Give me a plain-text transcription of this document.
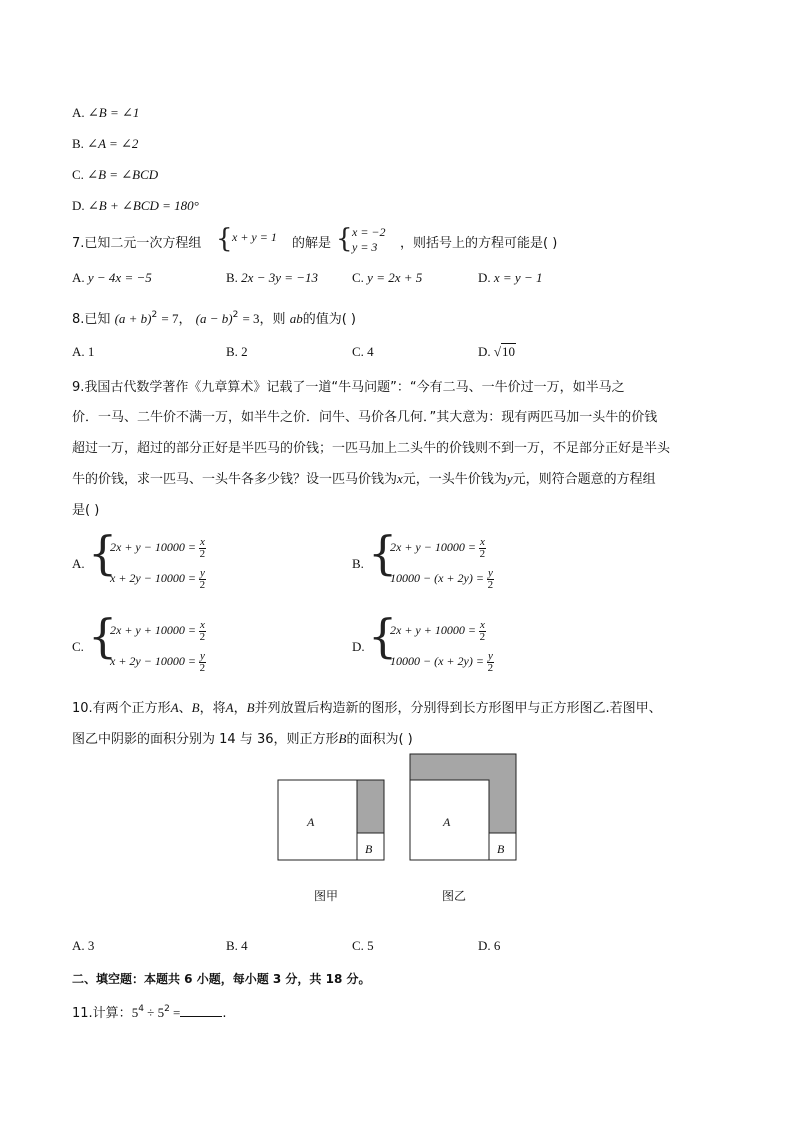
A. ∠B = ∠1
B. ∠A = ∠2
C. ∠B = ∠BCD
D. ∠B + ∠BCD = 180°
7.已知二元一次方程组 { x + y = 1 的解是 { x = −2
y = 3 ，则括号上的方程可能是( )
A. y − 4x = −5	B. 2x − 3y = −13	C. y = 2x + 5	D. x = y − 1
8.已知 $(a + b)^2 = 7$， $(a - b)^2 = 3$，则 ab的值为( )
A. 1	B. 2	C. 4	D. √10
9.我国古代数学著作《九章算术》记载了一道“牛马问题”：“今有二马、一牛价过一万，如半马之
价．一马、二牛价不满一万，如半牛之价．问牛、马价各几何．”其大意为：现有两匹马加一头牛的价钱
超过一万，超过的部分正好是半匹马的价钱；一匹马加上二头牛的价钱则不到一万，不足部分正好是半头
牛的价钱，求一匹马、一头牛各多少钱？设一匹马价钱为x元，一头牛价钱为y元，则符合题意的方程组
是( )
A. {
$2x + y - 10000 = \frac{x}{2}$
$x + 2y - 10000 = \frac{y}{2}$
B. {
$2x + y - 10000 = \frac{x}{2}$
$10000 - (x + 2y) = \frac{y}{2}$
C. {
$2x + y + 10000 = \frac{x}{2}$
$x + 2y - 10000 = \frac{y}{2}$
D. {
$2x + y + 10000 = \frac{x}{2}$
$10000 - (x + 2y) = \frac{y}{2}$
10.有两个正方形A、B，将A，B并列放置后构造新的图形，分别得到长方形图甲与正方形图乙.若图甲、
图乙中阴影的面积分别为 14 与 36，则正方形B的面积为( )
A
B
A
B
图甲	图乙
A. 3	B. 4	C. 5	D. 6
二、填空题：本题共 6 小题，每小题 3 分，共 18 分。
11.计算：$5^4 \div 5^2$ =	.
